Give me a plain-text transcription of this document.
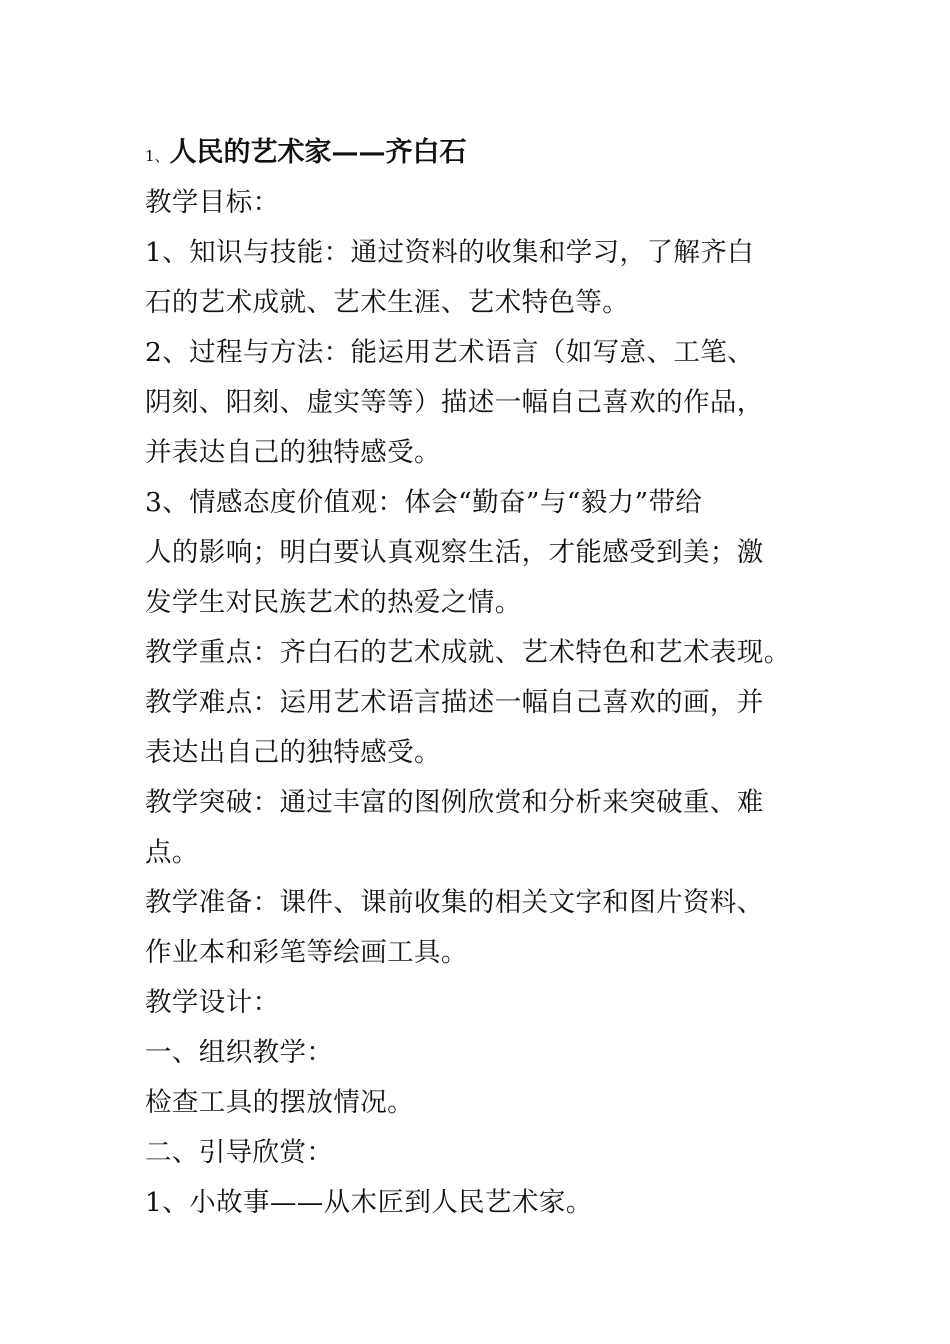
1、人民的艺术家——齐白石
教学目标：
1、知识与技能：通过资料的收集和学习，了解齐白
石的艺术成就、艺术生涯、艺术特色等。
2、过程与方法：能运用艺术语言（如写意、工笔、
阴刻、阳刻、虚实等等）描述一幅自己喜欢的作品，
并表达自己的独特感受。
3、情感态度价值观：体会“勤奋”与“毅力”带给
人的影响；明白要认真观察生活，才能感受到美；激
发学生对民族艺术的热爱之情。
教学重点：齐白石的艺术成就、艺术特色和艺术表现。
教学难点：运用艺术语言描述一幅自己喜欢的画，并
表达出自己的独特感受。
教学突破：通过丰富的图例欣赏和分析来突破重、难
点。
教学准备：课件、课前收集的相关文字和图片资料、
作业本和彩笔等绘画工具。
教学设计：
一、组织教学：
检查工具的摆放情况。
二、引导欣赏：
1、小故事——从木匠到人民艺术家。
